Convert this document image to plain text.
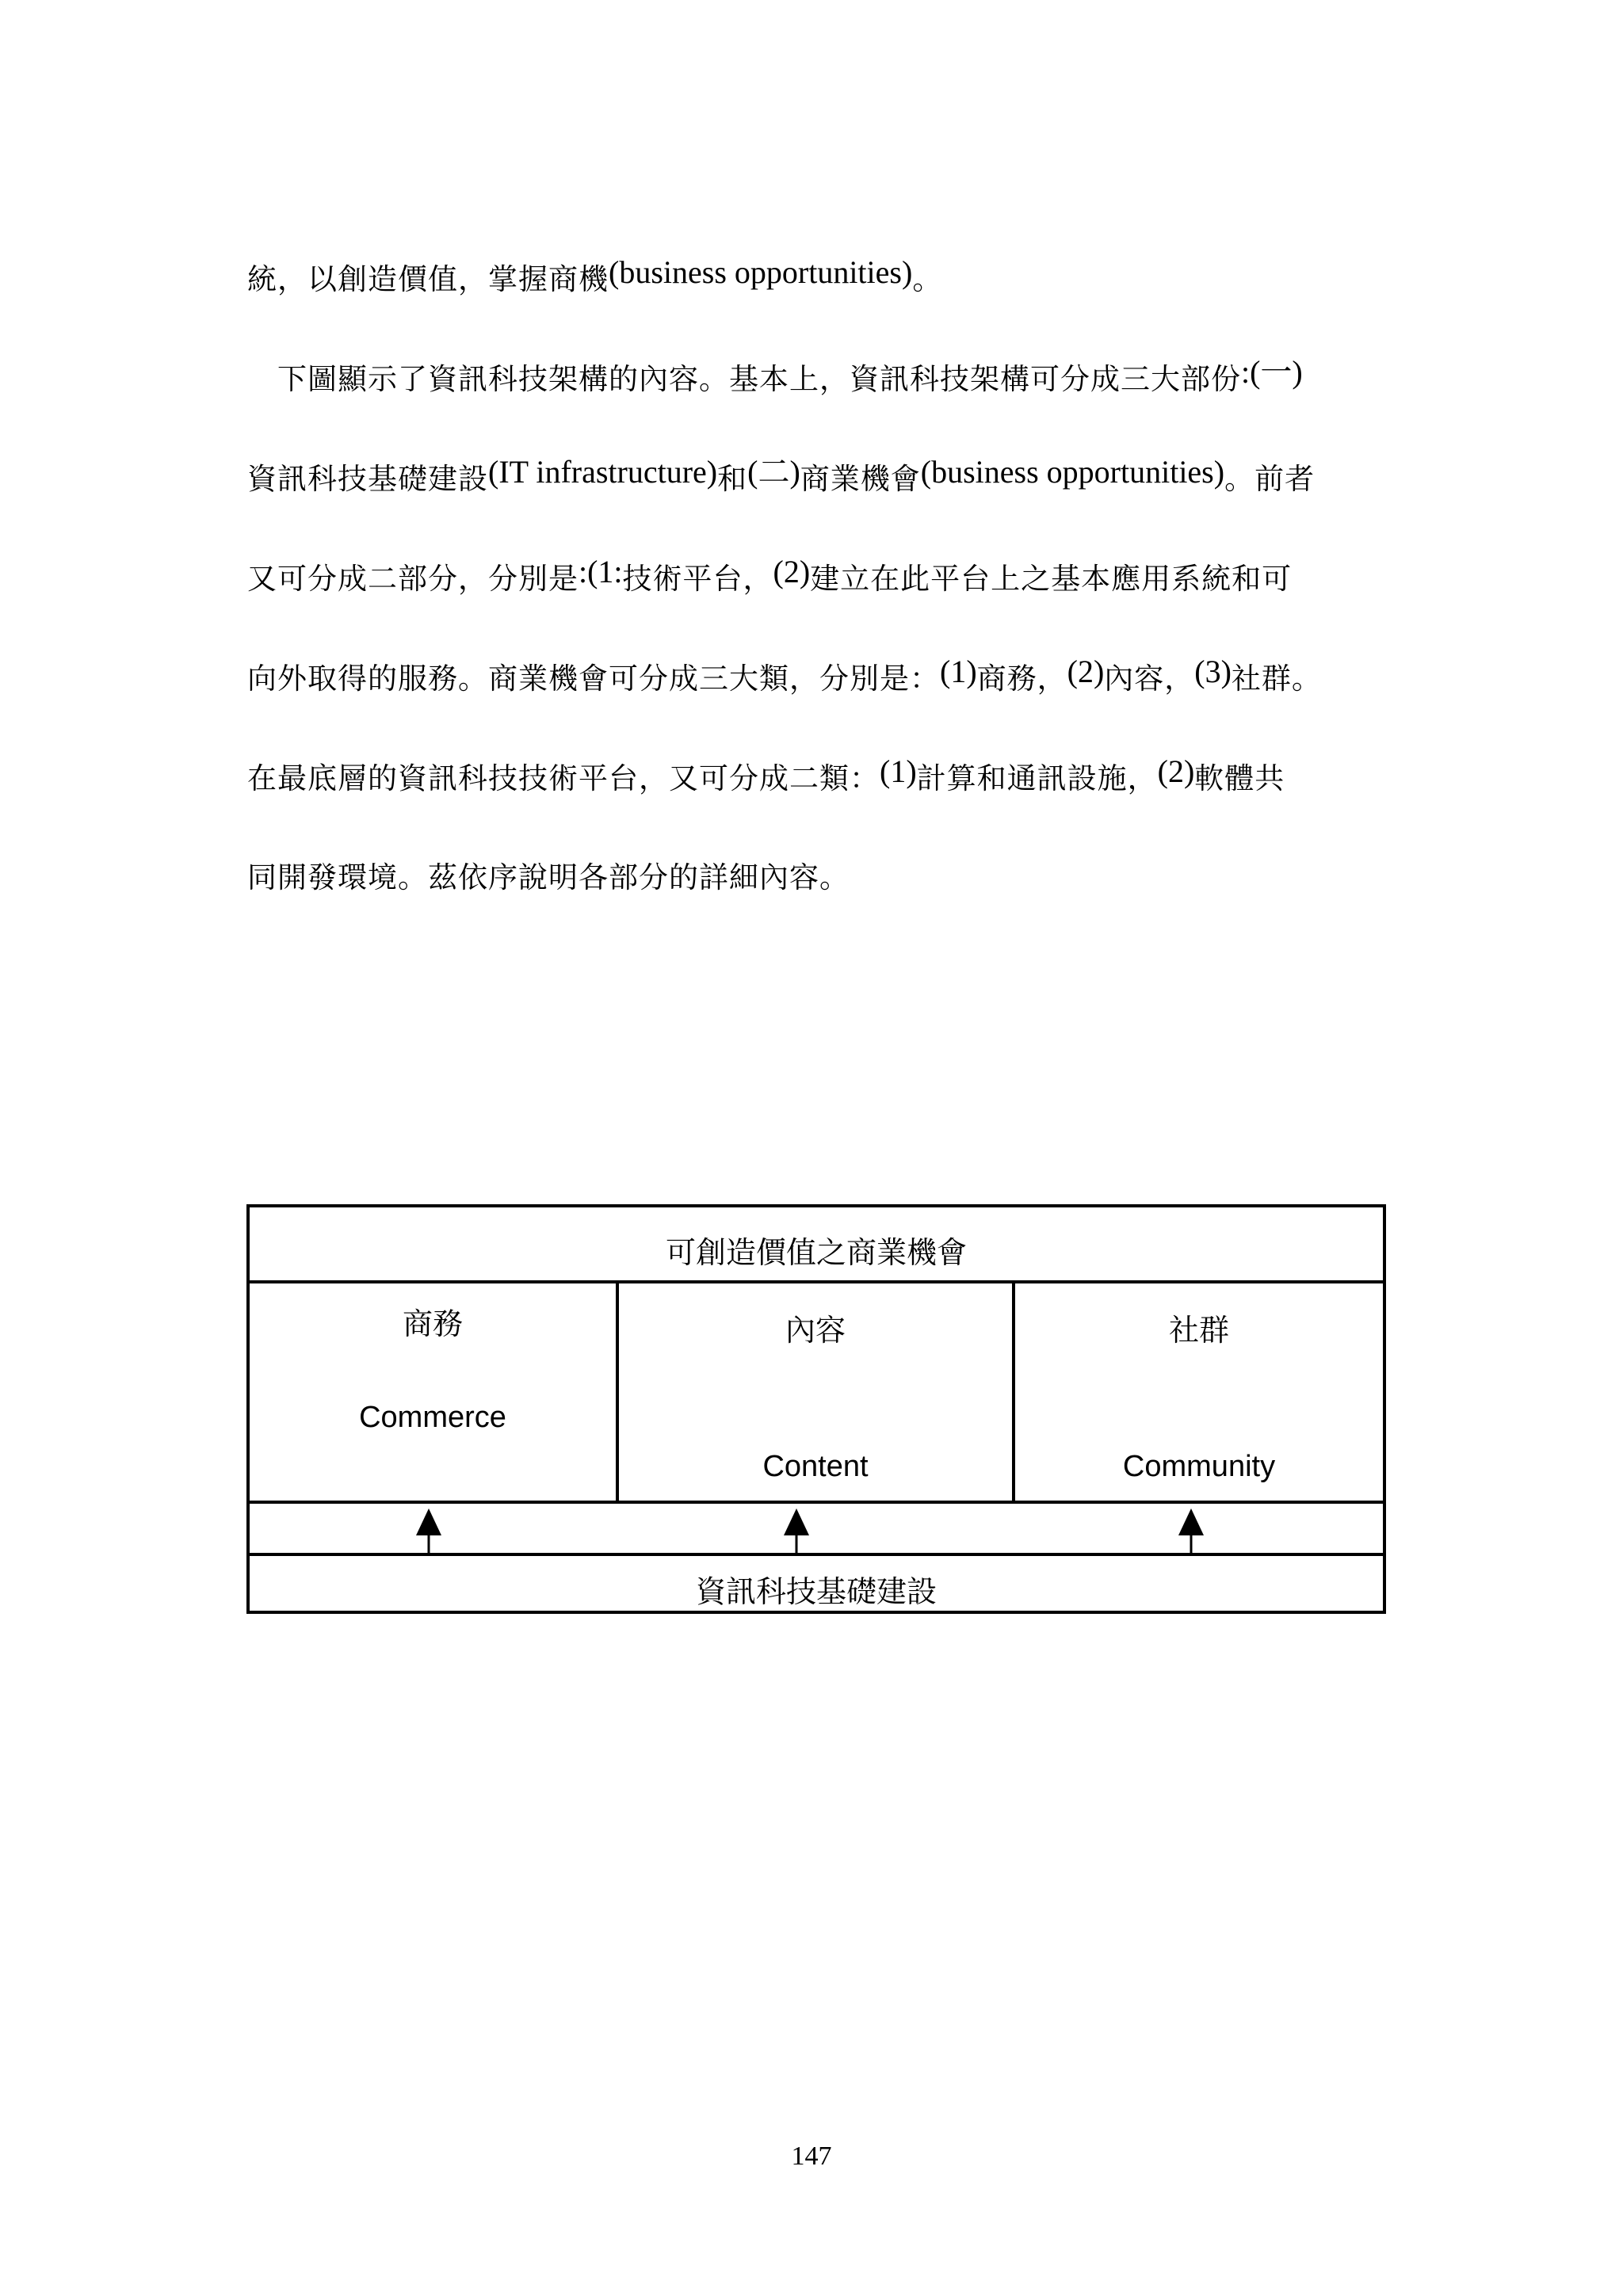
統，以創造價值，掌握商機(business opportunities)。
　下圖顯示了資訊科技架構的內容。基本上，資訊科技架構可分成三大部份:(一)
資訊科技基礎建設(IT infrastructure)和(二)商業機會(business opportunities)。前者
又可分成二部分，分別是:(1:技術平台，(2)建立在此平台上之基本應用系統和可
向外取得的服務。商業機會可分成三大類，分別是：(1)商務，(2)內容，(3)社群。
在最底層的資訊科技技術平台，又可分成二類：(1)計算和通訊設施，(2)軟體共
同開發環境。茲依序說明各部分的詳細內容。
可創造價值之商業機會
商務
Commerce
內容
Content
社群
Community
資訊科技基礎建設
147
